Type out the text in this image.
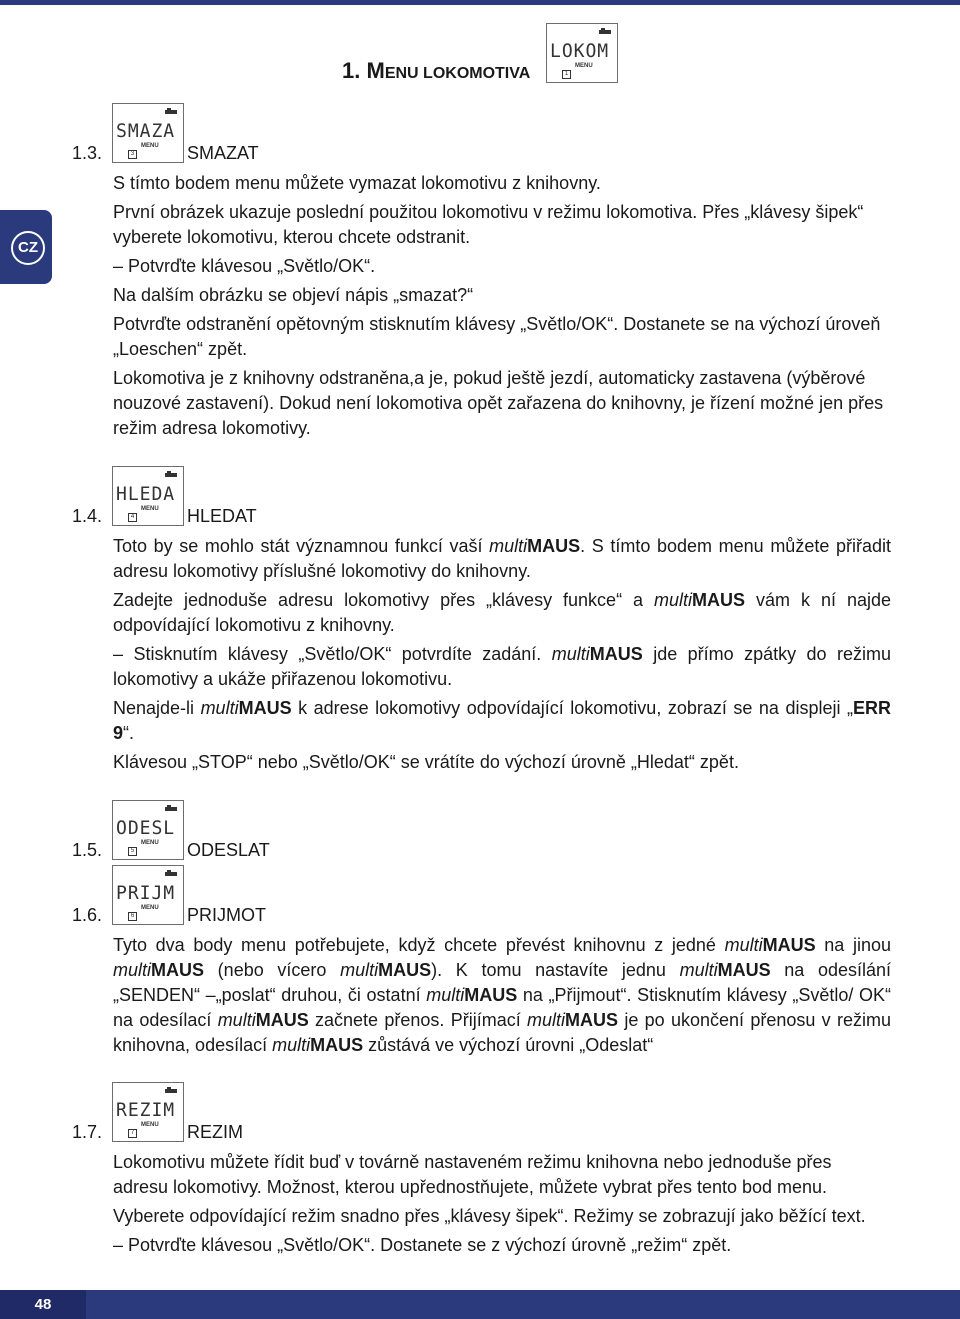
1. MENU LOKOMOTIVA
LOKOM
MENU
1
CZ
SMAZA
MENU
3
1.3.	SMAZAT

S tímto bodem menu můžete vymazat lokomotivu z knihovny.

První obrázek ukazuje poslední použitou lokomotivu v režimu lokomotiva. Přes „klávesy šipek“

vyberete lokomotivu, kterou chcete odstranit.

– Potvrďte klávesou „Světlo/OK“.

Na dalším obrázku se objeví nápis „smazat?“

Potvrďte odstranění opětovným stisknutím klávesy „Světlo/OK“. Dostanete se na výchozí úroveň

„Loeschen“ zpět.

Lokomotiva je z knihovny odstraněna,a je, pokud ještě jezdí, automaticky zastavena (výběrové nouzové zastavení). Dokud není lokomotiva opět zařazena do knihovny, je řízení možné jen přes režim adresa lokomotivy.

HLEDA
MENU
4
1.4.	HLEDAT

Toto by se mohlo stát významnou funkcí vaší multiMAUS. S tímto bodem menu můžete přiřadit adresu lokomotivy příslušné lokomotivy do knihovny.

Zadejte jednoduše adresu lokomotivy přes „klávesy funkce“ a multiMAUS vám k ní najde odpovídající lokomotivu z knihovny.

– Stisknutím klávesy „Světlo/OK“ potvrdíte zadání. multiMAUS jde přímo zpátky do režimu lokomotivy a ukáže přiřazenou lokomotivu.

Nenajde-li multiMAUS k adrese lokomotivy odpovídající lokomotivu, zobrazí se na displeji „ERR 9“.

Klávesou „STOP“ nebo „Světlo/OK“ se vrátíte do výchozí úrovně „Hledat“ zpět.

ODESL
MENU
5
1.5.	ODESLAT
PRIJM
MENU
6
1.6.	PRIJMOT

Tyto dva body menu potřebujete, když chcete převést knihovnu z jedné multiMAUS na jinou multiMAUS (nebo vícero multiMAUS). K tomu nastavíte jednu multiMAUS na odesílání „SENDEN“ –„poslat“ druhou, či ostatní multiMAUS na „Přijmout“. Stisknutím klávesy „Světlo/ OK“ na odesílací multiMAUS začnete přenos. Přijímací multiMAUS je po ukončení přenosu v režimu knihovna, odesílací multiMAUS zůstává ve výchozí úrovni „Odeslat“

REZIM
MENU
7
1.7.	REZIM

Lokomotivu můžete řídit buď v továrně nastaveném režimu knihovna nebo jednoduše přes adresu lokomotivy. Možnost, kterou upřednostňujete, můžete vybrat přes tento bod menu.

Vyberete odpovídající režim snadno přes „klávesy šipek“. Režimy se zobrazují jako běžící text.

– Potvrďte klávesou „Světlo/OK“. Dostanete se z výchozí úrovně „režim“ zpět.

48
